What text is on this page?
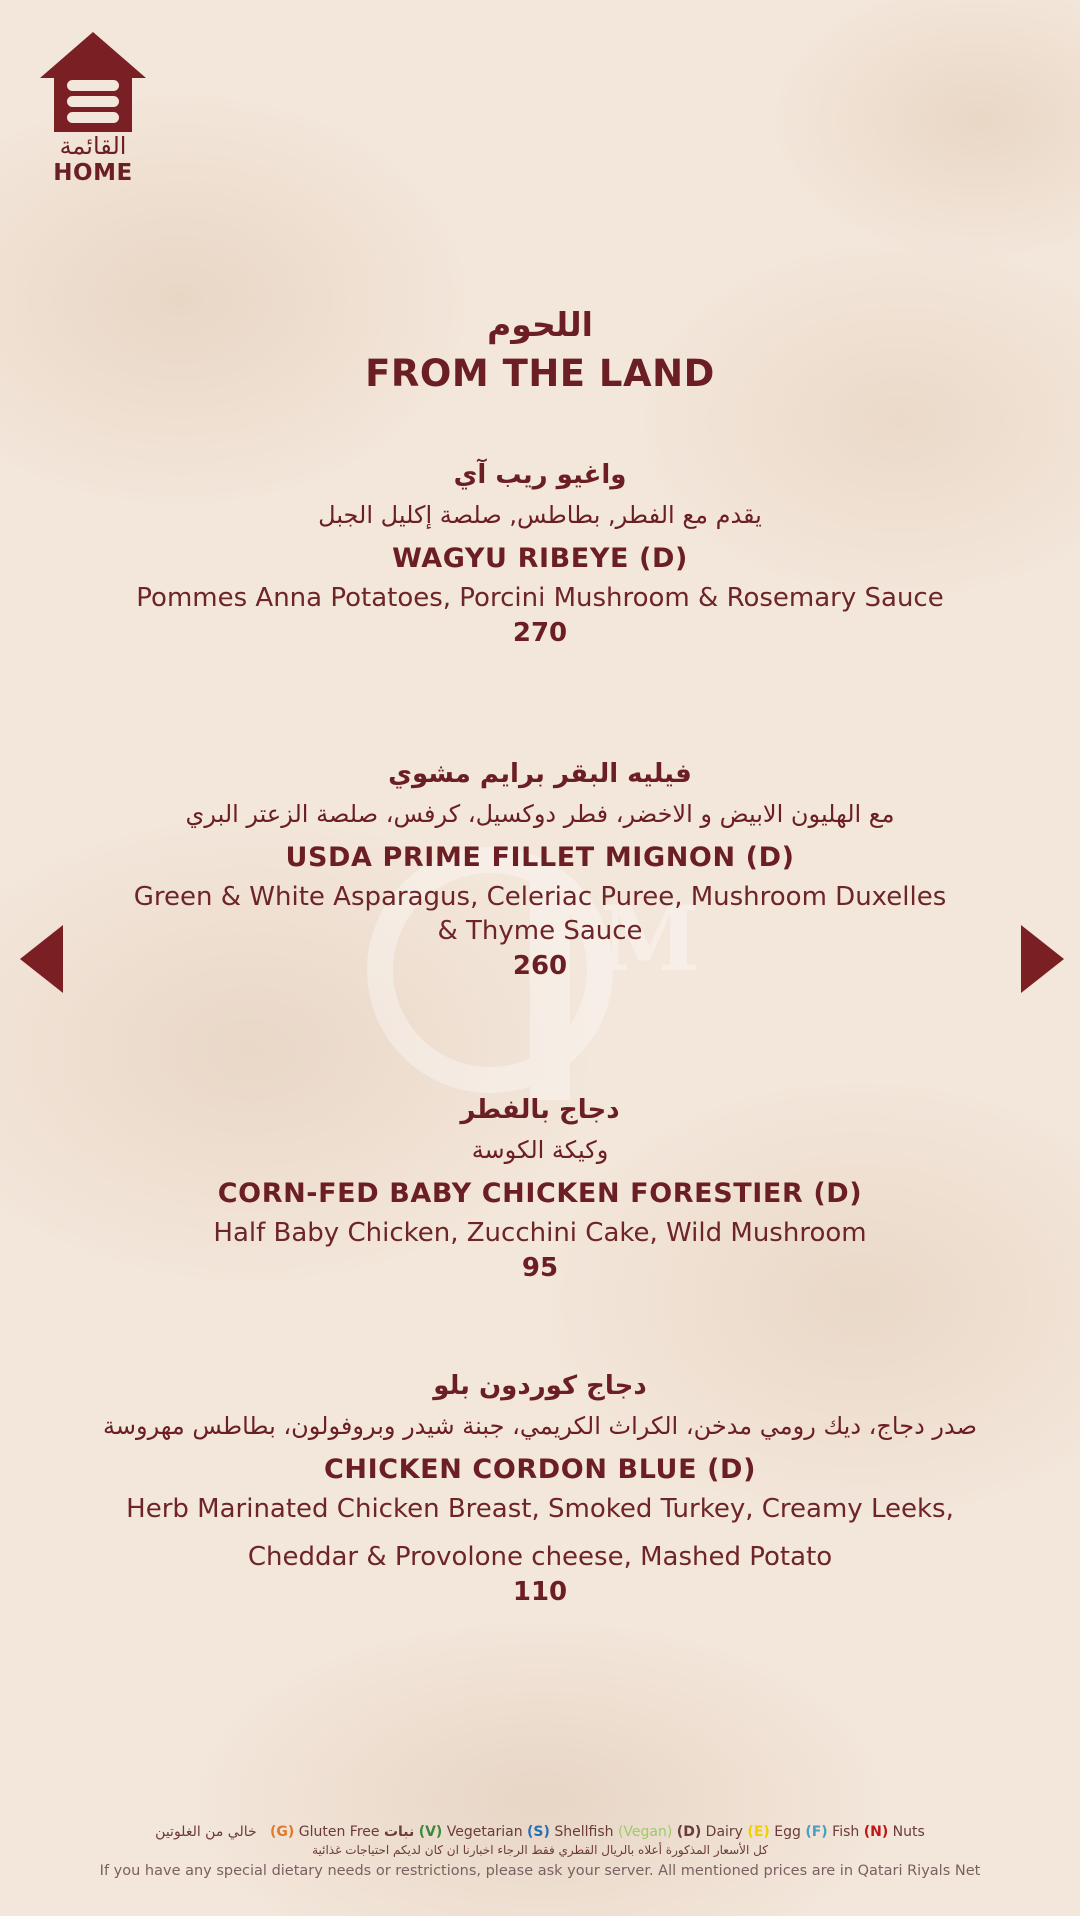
القائمة
HOME
M
اللحوم
FROM THE LAND
واغيو ريب آي
يقدم مع الفطر, بطاطس, صلصة إكليل الجبل
WAGYU RIBEYE (D)
Pommes Anna Potatoes, Porcini Mushroom & Rosemary Sauce
270
فيليه البقر برايم مشوي
مع الهليون الابيض و الاخضر، فطر دوكسيل، كرفس، صلصة الزعتر البري
USDA PRIME FILLET MIGNON (D)
Green & White Asparagus, Celeriac Puree, Mushroom Duxelles
& Thyme Sauce
260
دجاج بالفطر
وكيكة الكوسة
CORN-FED BABY CHICKEN FORESTIER (D)
Half Baby Chicken, Zucchini Cake, Wild Mushroom
95
دجاج كوردون بلو
صدر دجاج، ديك رومي مدخن، الكراث الكريمي، جبنة شيدر وبروفولون، بطاطس مهروسة
CHICKEN CORDON BLUE (D)
Herb Marinated Chicken Breast, Smoked Turkey, Creamy Leeks,
Cheddar & Provolone cheese, Mashed Potato
110
خالي من الغلوتين (G) Gluten Free نبات (V) Vegetarian (S) Shellfish (Vegan) (D) Dairy (E) Egg (F) Fish (N) Nuts
كل الأسعار المذكورة أعلاه بالريال القطري فقط الرجاء اخبارنا ان كان لديكم احتياجات غذائية
If you have any special dietary needs or restrictions, please ask your server. All mentioned prices are in Qatari Riyals Net
